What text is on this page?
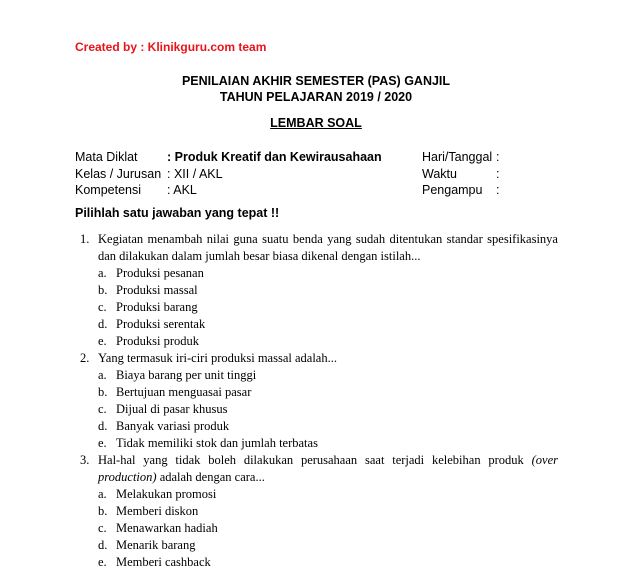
Created by : Klinikguru.com team
PENILAIAN AKHIR SEMESTER (PAS) GANJIL
TAHUN PELAJARAN 2019 / 2020
LEMBAR SOAL
Mata Diklat : Produk Kreatif dan Kewirausahaan
Kelas / Jurusan : XII / AKL
Kompetensi : AKL
Hari/Tanggal :
Waktu	:
Pengampu :
Pilihlah satu jawaban yang tepat !!
1. Kegiatan menambah nilai guna suatu benda yang sudah ditentukan standar spesifikasinya dan dilakukan dalam jumlah besar biasa dikenal dengan istilah...
a. Produksi pesanan
b. Produksi massal
c. Produksi barang
d. Produksi serentak
e. Produksi produk
2. Yang termasuk iri-ciri produksi massal adalah...
a. Biaya barang per unit tinggi
b. Bertujuan menguasai pasar
c. Dijual di pasar khusus
d. Banyak variasi produk
e. Tidak memiliki stok dan jumlah terbatas
3. Hal-hal yang tidak boleh dilakukan perusahaan saat terjadi kelebihan produk (over production) adalah dengan cara...
a. Melakukan promosi
b. Memberi diskon
c. Menawarkan hadiah
d. Menarik barang
e. Memberi cashback
